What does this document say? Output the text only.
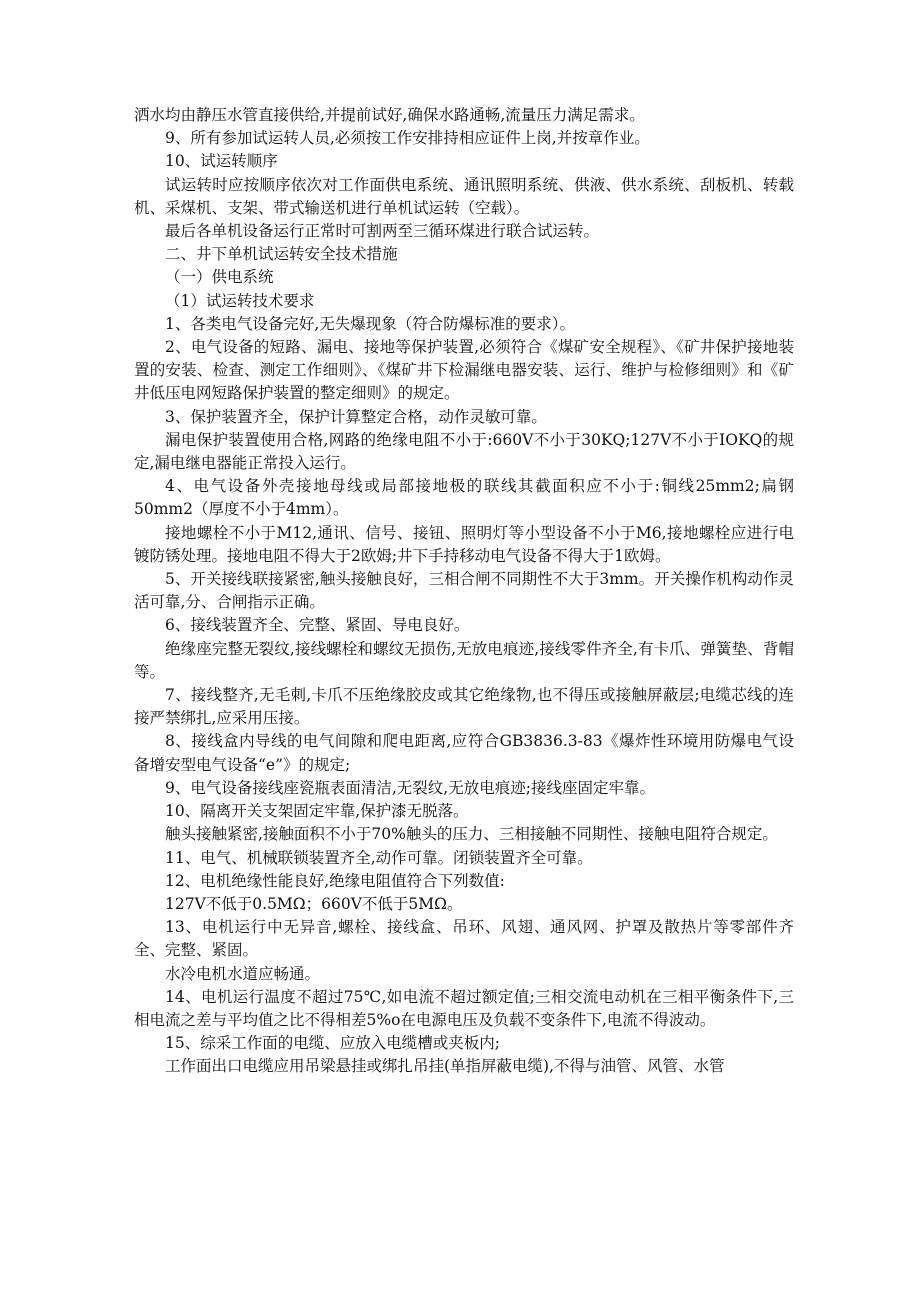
洒水均由静压水管直接供给,并提前试好,确保水路通畅,流量压力满足需求。

9、所有参加试运转人员,必须按工作安排持相应证件上岗,并按章作业。

10、试运转顺序

试运转时应按顺序依次对工作面供电系统、通讯照明系统、供液、供水系统、刮板机、转载机、采煤机、支架、带式输送机进行单机试运转（空载）。

最后各单机设备运行正常时可割两至三循环煤进行联合试运转。

二、井下单机试运转安全技术措施

（一）供电系统

（1）试运转技术要求

1、各类电气设备完好,无失爆现象（符合防爆标准的要求）。

2、电气设备的短路、漏电、接地等保护装置,必须符合《煤矿安全规程》、《矿井保护接地装置的安装、检查、测定工作细则》、《煤矿井下检漏继电器安装、运行、维护与检修细则》和《矿井低压电网短路保护装置的整定细则》的规定。

3、保护装置齐全，保护计算整定合格，动作灵敏可靠。

漏电保护装置使用合格,网路的绝缘电阻不小于:660V不小于30KQ;127V不小于IOKQ的规定,漏电继电器能正常投入运行。

4、电气设备外壳接地母线或局部接地极的联线其截面积应不小于:铜线25mm2;扁钢50mm2（厚度不小于4mm）。

接地螺栓不小于M12,通讯、信号、接钮、照明灯等小型设备不小于M6,接地螺栓应进行电镀防锈处理。接地电阻不得大于2欧姆;井下手持移动电气设备不得大于1欧姆。

5、开关接线联接紧密,触头接触良好，三相合闸不同期性不大于3mm。开关操作机构动作灵活可靠,分、合闸指示正确。

6、接线装置齐全、完整、紧固、导电良好。

绝缘座完整无裂纹,接线螺栓和螺纹无损伤,无放电痕迹,接线零件齐全,有卡爪、弹簧垫、背帽等。

7、接线整齐,无毛刺,卡爪不压绝缘胶皮或其它绝缘物,也不得压或接触屏蔽层;电缆芯线的连接严禁绑扎,应采用压接。

8、接线盒内导线的电气间隙和爬电距离,应符合GB3836.3-83《爆炸性环境用防爆电气设备增安型电气设备“e”》的规定;

9、电气设备接线座瓷瓶表面清洁,无裂纹,无放电痕迹;接线座固定牢靠。

10、隔离开关支架固定牢靠,保护漆无脱落。

触头接触紧密,接触面积不小于70%触头的压力、三相接触不同期性、接触电阻符合规定。

11、电气、机械联锁装置齐全,动作可靠。闭锁装置齐全可靠。

12、电机绝缘性能良好,绝缘电阻值符合下列数值:

127V不低于0.5MΩ；660V不低于5MΩ。

13、电机运行中无异音,螺栓、接线盒、吊环、风翅、通风网、护罩及散热片等零部件齐全、完整、紧固。

水冷电机水道应畅通。

14、电机运行温度不超过75℃,如电流不超过额定值;三相交流电动机在三相平衡条件下,三相电流之差与平均值之比不得相差5%o在电源电压及负载不变条件下,电流不得波动。

15、综采工作面的电缆、应放入电缆槽或夹板内;

工作面出口电缆应用吊梁悬挂或绑扎吊挂(单指屏蔽电缆),不得与油管、风管、水管
